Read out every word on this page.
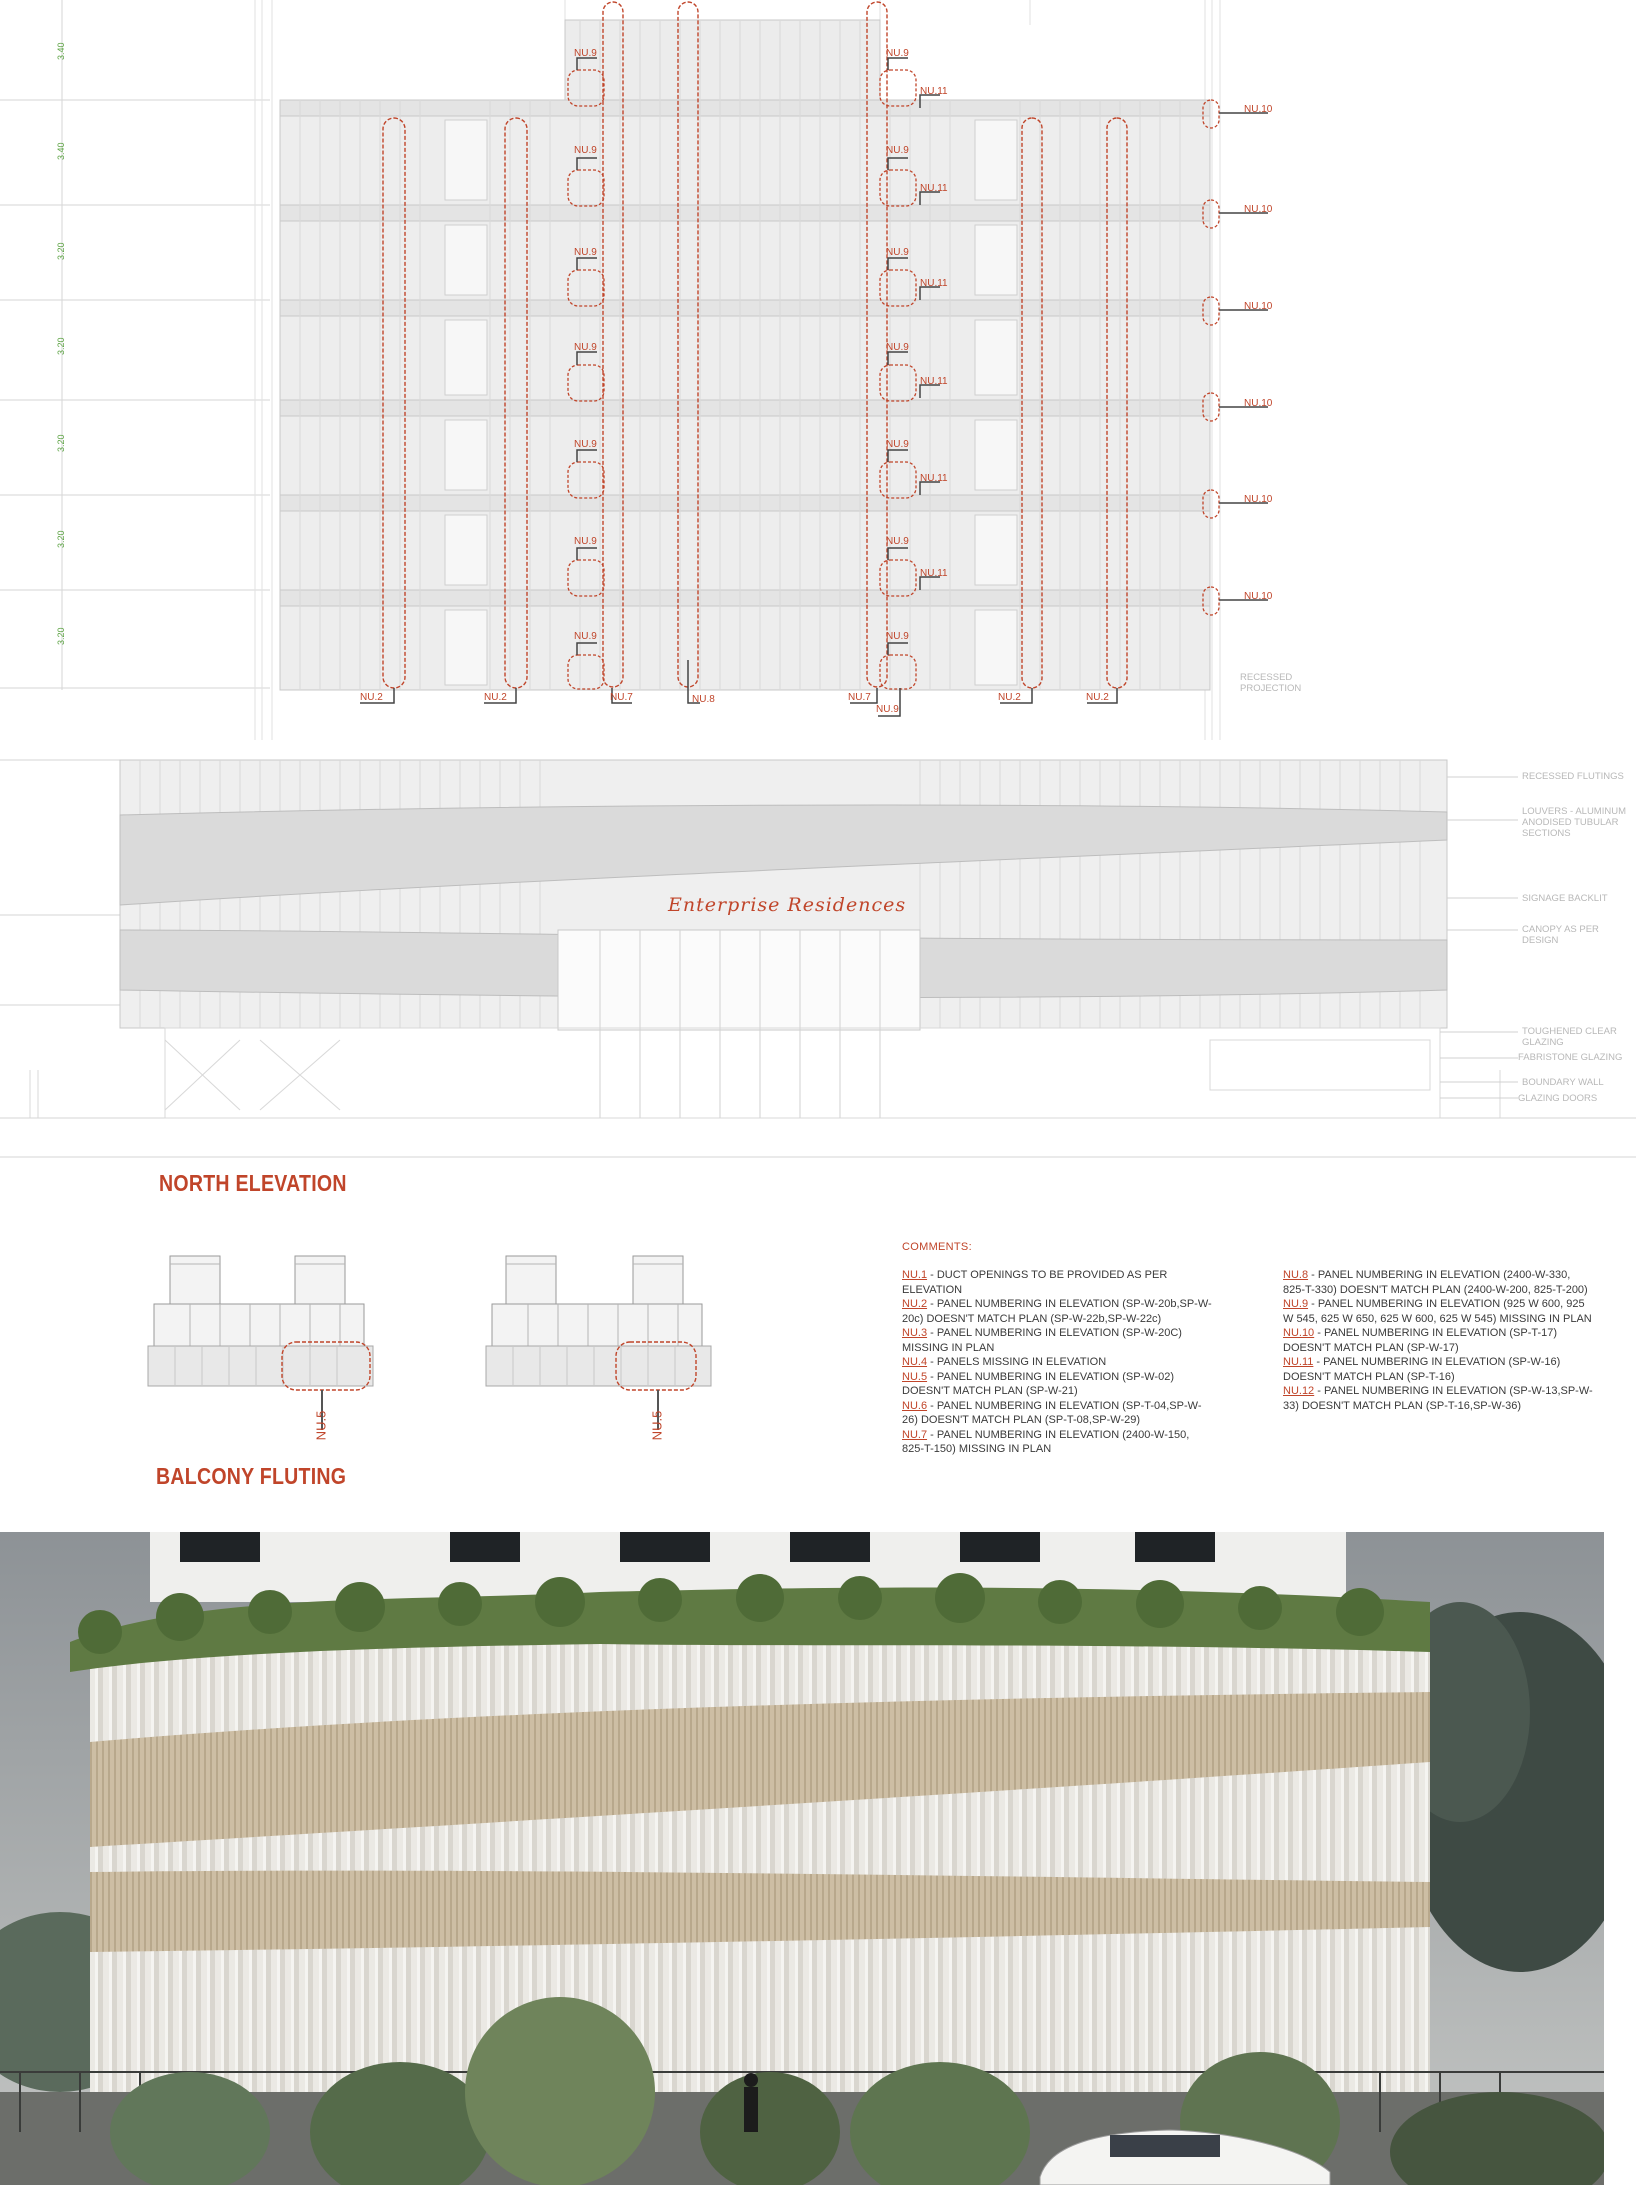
3.40
3.40
3.20
3.20
3.20
3.20
3.20
NU.9	NU.9
NU.9	NU.9
NU.9	NU.9
NU.9	NU.9
NU.9	NU.9
NU.9	NU.9
NU.9	NU.9
NU.9
NU.11
NU.11
NU.11
NU.11
NU.11
NU.11
NU.10
NU.10
NU.10
NU.10
NU.10
NU.10
NU.2	NU.2	NU.7	NU.8	NU.7	NU.2	NU.2
Enterprise Residences
RECESSED PROJECTION
RECESSED FLUTINGS
LOUVERS - ALUMINUM ANODISED TUBULAR SECTIONS
SIGNAGE BACKLIT
CANOPY AS PER DESIGN
TOUGHENED CLEAR GLAZING
FABRISTONE GLAZING
BOUNDARY WALL
GLAZING DOORS
NORTH ELEVATION
BALCONY FLUTING
NU.5	NU.5
COMMENTS:

NU.1 - DUCT OPENINGS TO BE PROVIDED AS PER ELEVATION

NU.2 - PANEL NUMBERING IN ELEVATION (SP-W-20b,SP-W-20c) DOESN'T MATCH PLAN (SP-W-22b,SP-W-22c)

NU.3 - PANEL NUMBERING IN ELEVATION (SP-W-20C) MISSING IN PLAN

NU.4 - PANELS MISSING IN ELEVATION

NU.5 - PANEL NUMBERING IN ELEVATION (SP-W-02) DOESN'T MATCH PLAN (SP-W-21)

NU.6 - PANEL NUMBERING IN ELEVATION (SP-T-04,SP-W-26) DOESN'T MATCH PLAN (SP-T-08,SP-W-29)

NU.7 - PANEL NUMBERING IN ELEVATION (2400-W-150, 825-T-150) MISSING IN PLAN

NU.8 - PANEL NUMBERING IN ELEVATION (2400-W-330, 825-T-330) DOESN'T MATCH PLAN (2400-W-200, 825-T-200)

NU.9 - PANEL NUMBERING IN ELEVATION (925 W 600, 925 W 545, 625 W 650, 625 W 600, 625 W 545) MISSING IN PLAN

NU.10 - PANEL NUMBERING IN ELEVATION (SP-T-17) DOESN'T MATCH PLAN (SP-W-17)

NU.11 - PANEL NUMBERING IN ELEVATION (SP-W-16) DOESN'T MATCH PLAN (SP-T-16)

NU.12 - PANEL NUMBERING IN ELEVATION (SP-W-13,SP-W-33) DOESN'T MATCH PLAN (SP-T-16,SP-W-36)
